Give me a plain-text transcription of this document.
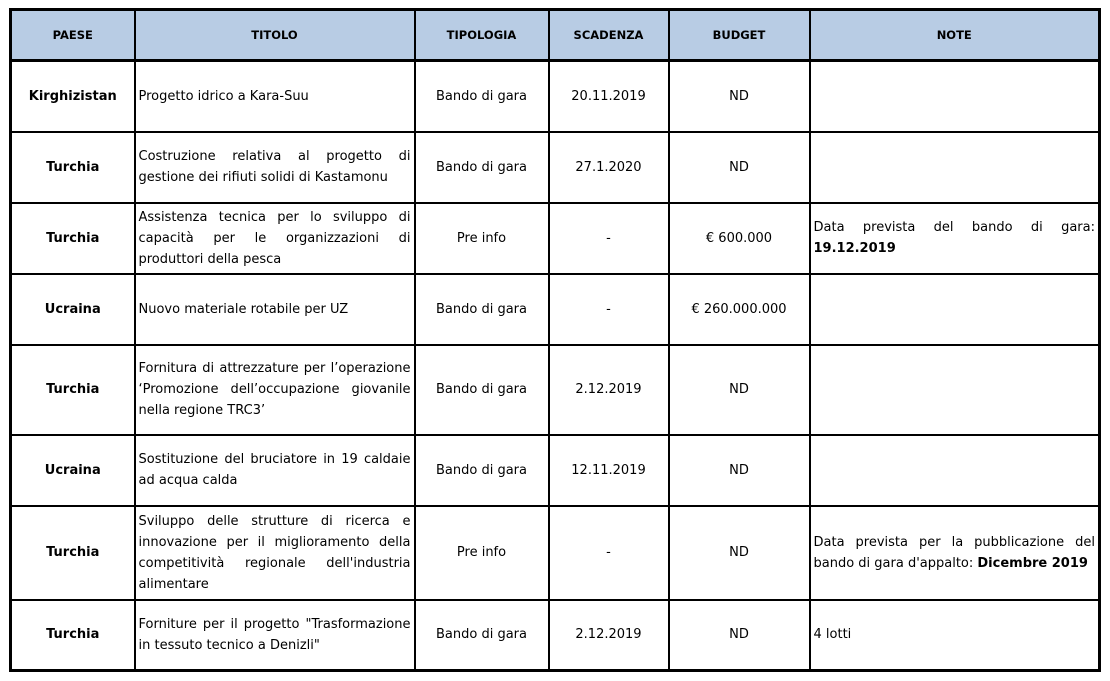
PAESE	TITOLO	TIPOLOGIA	SCADENZA	BUDGET	NOTE
Kirghizistan	Progetto idrico a Kara-Suu	Bando di gara	20.11.2019	ND	
Turchia	Costruzione relativa al progetto di gestione dei rifiuti solidi di Kastamonu	Bando di gara	27.1.2020	ND	
Turchia	Assistenza tecnica per lo sviluppo di capacità per le organizzazioni di produttori della pesca	Pre info	-	€ 600.000	Data prevista del bando di gara: 19.12.2019
Ucraina	Nuovo materiale rotabile per UZ	Bando di gara	-	€ 260.000.000	
Turchia	Fornitura di attrezzature per l’operazione ‘Promozione dell’occupazione giovanile nella regione TRC3’	Bando di gara	2.12.2019	ND	
Ucraina	Sostituzione del bruciatore in 19 caldaie ad acqua calda	Bando di gara	12.11.2019	ND	
Turchia	Sviluppo delle strutture di ricerca e innovazione per il miglioramento della competitività regionale dell'industria alimentare	Pre info	-	ND	Data prevista per la pubblicazione del bando di gara d'appalto: Dicembre 2019
Turchia	Forniture per il progetto "Trasformazione in tessuto tecnico a Denizli"	Bando di gara	2.12.2019	ND	4 lotti
